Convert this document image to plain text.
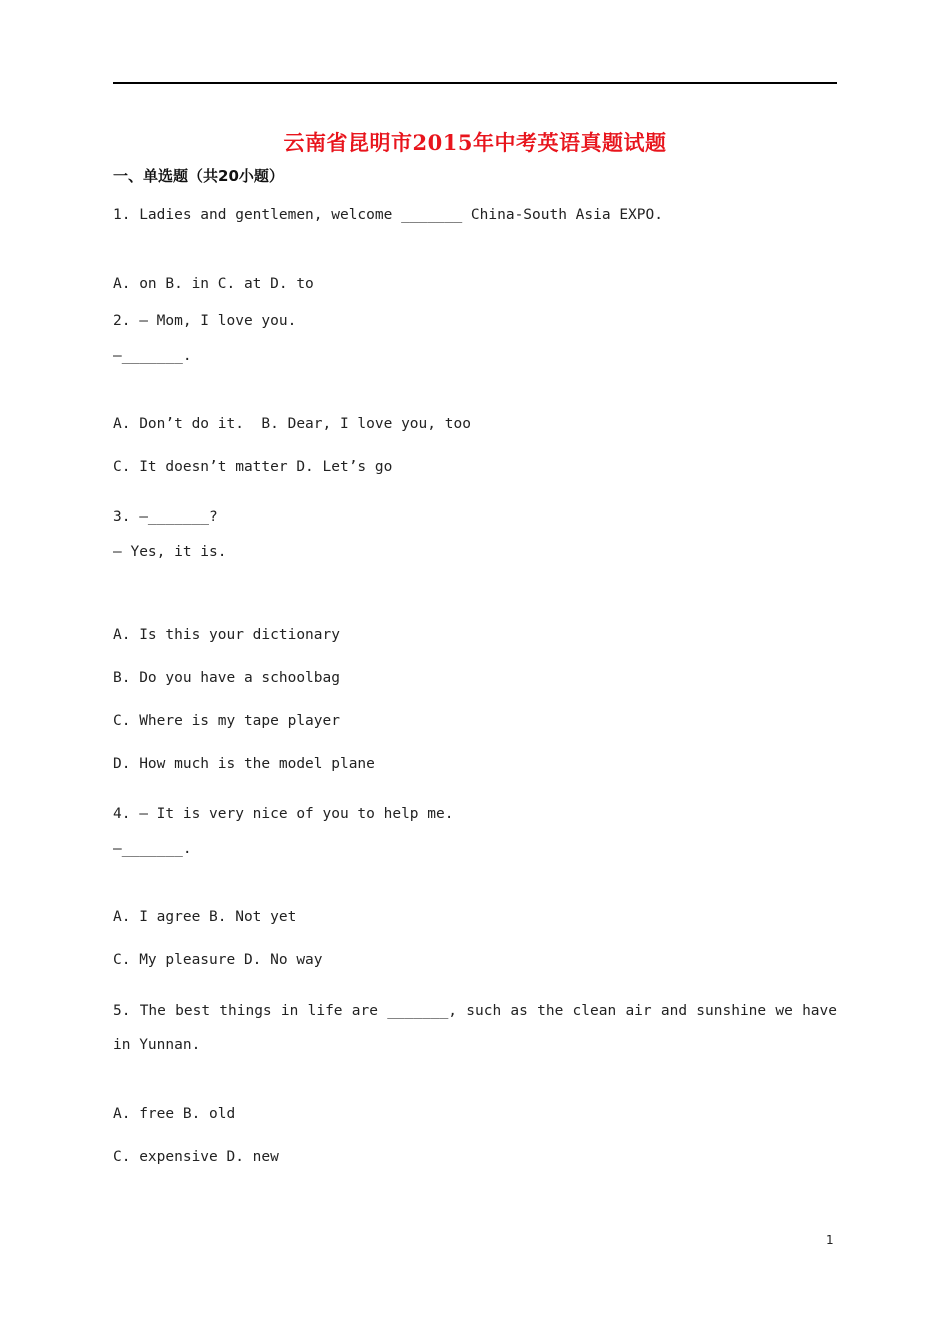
云南省昆明市2015年中考英语真题试题
一、单选题（共20小题）

1. Ladies and gentlemen, welcome _______ China-South Asia EXPO.

A. on B. in C. at D. to

2. — Mom, I love you.

—_______.

A. Don’t do it.  B. Dear, I love you, too

C. It doesn’t matter D. Let’s go

3. —_______?

— Yes, it is.

A. Is this your dictionary

B. Do you have a schoolbag

C. Where is my tape player

D. How much is the model plane

4. — It is very nice of you to help me.

—_______.

A. I agree B. Not yet

C. My pleasure D. No way

5. The best things in life are _______, such as the clean air and sunshine we have in Yunnan.

A. free B. old

C. expensive D. new

1
